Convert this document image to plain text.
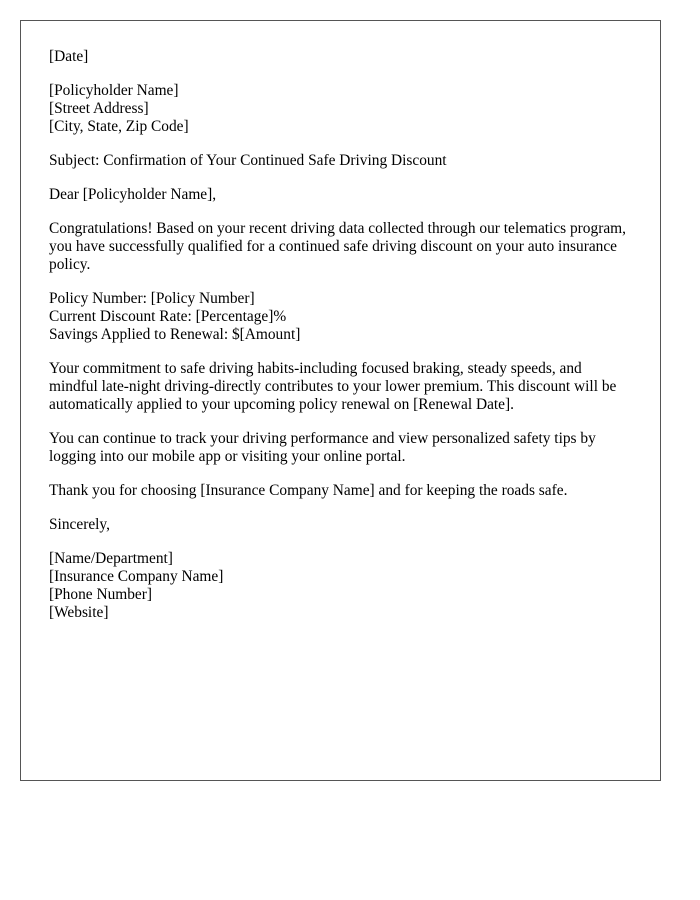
[Date]
[Policyholder Name]
[Street Address]
[City, State, Zip Code]
Subject: Confirmation of Your Continued Safe Driving Discount
Dear [Policyholder Name],

Congratulations! Based on your recent driving data collected through our telematics program, you have successfully qualified for a continued safe driving discount on your auto insurance policy.

Policy Number: [Policy Number]
Current Discount Rate: [Percentage]%
Savings Applied to Renewal: $[Amount]

Your commitment to safe driving habits-including focused braking, steady speeds, and mindful late-night driving-directly contributes to your lower premium. This discount will be automatically applied to your upcoming policy renewal on [Renewal Date].

You can continue to track your driving performance and view personalized safety tips by logging into our mobile app or visiting your online portal.

Thank you for choosing [Insurance Company Name] and for keeping the roads safe.

Sincerely,
[Name/Department]
[Insurance Company Name]
[Phone Number]
[Website]
